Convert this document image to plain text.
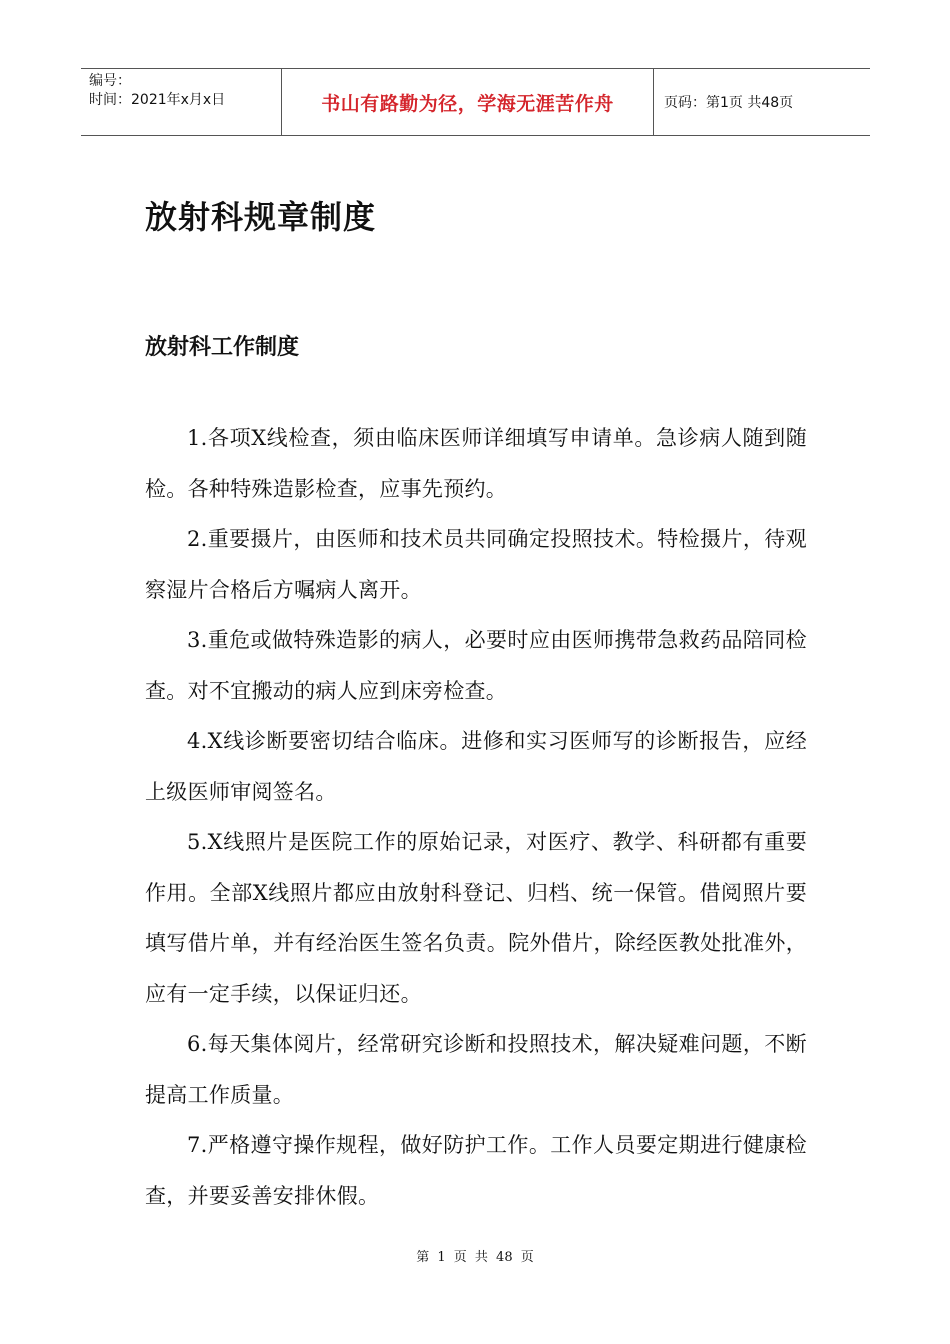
编号：
时间：2021年x月x日	书山有路勤为径，学海无涯苦作舟	页码：第1页 共48页
放射科规章制度
放射科工作制度

1.各项X线检查，须由临床医师详细填写申请单。急诊病人随到随检。各种特殊造影检查，应事先预约。

2.重要摄片，由医师和技术员共同确定投照技术。特检摄片，待观察湿片合格后方嘱病人离开。

3.重危或做特殊造影的病人，必要时应由医师携带急救药品陪同检查。对不宜搬动的病人应到床旁检查。

4.X线诊断要密切结合临床。进修和实习医师写的诊断报告，应经上级医师审阅签名。

5.X线照片是医院工作的原始记录，对医疗、教学、科研都有重要作用。全部X线照片都应由放射科登记、归档、统一保管。借阅照片要填写借片单，并有经治医生签名负责。院外借片，除经医教处批准外，应有一定手续，以保证归还。

6.每天集体阅片，经常研究诊断和投照技术，解决疑难问题，不断提高工作质量。

7.严格遵守操作规程，做好防护工作。工作人员要定期进行健康检查，并要妥善安排休假。

第 1 页 共 48 页
